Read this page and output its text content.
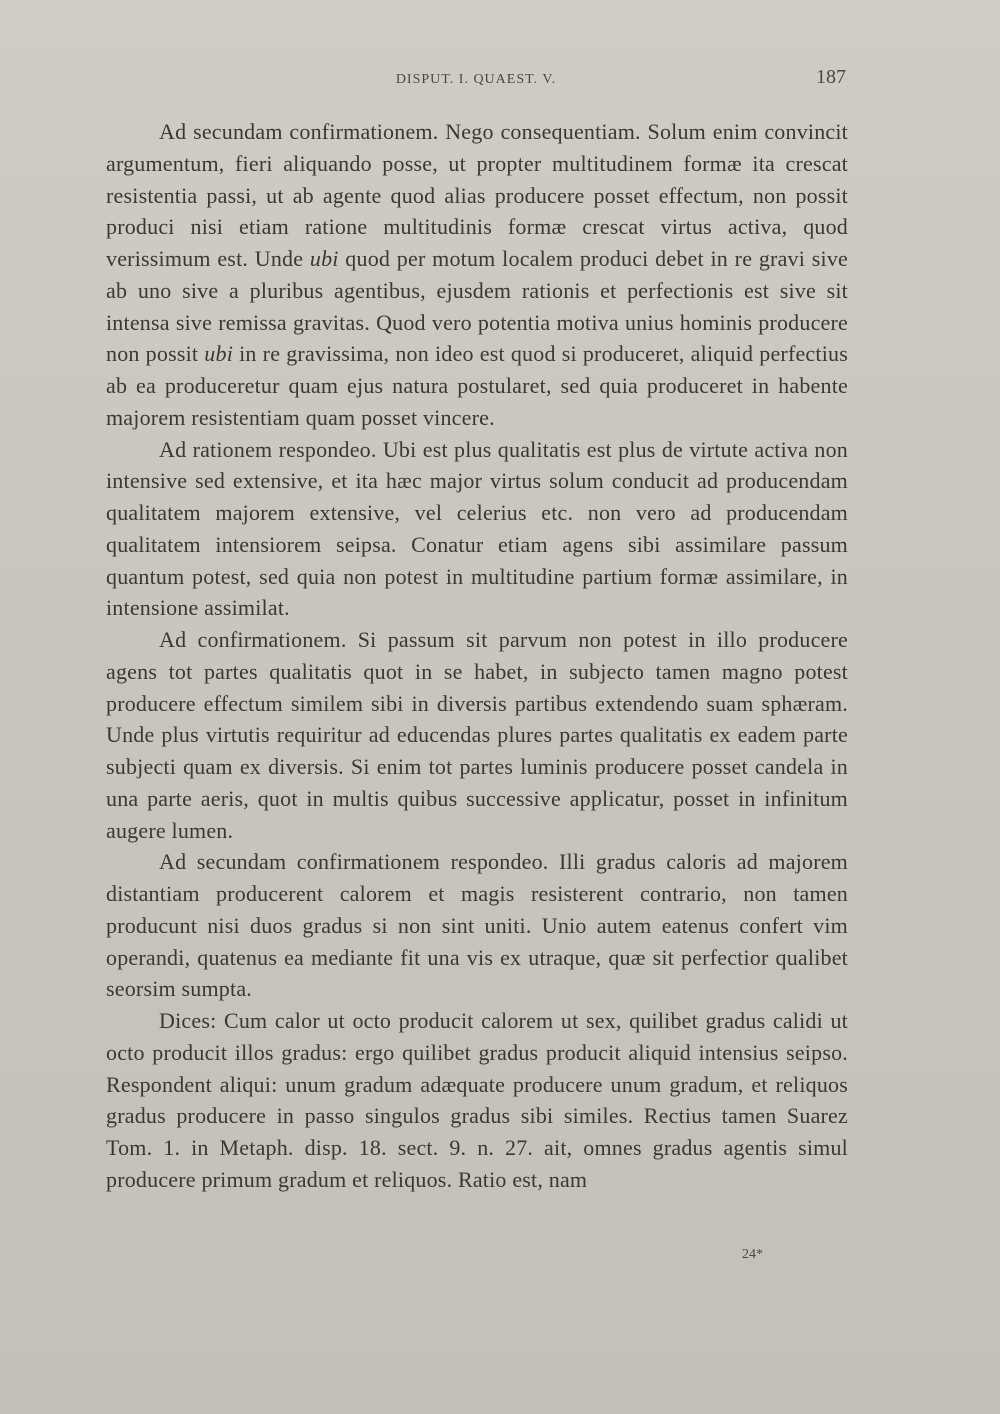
DISPUT. I. QUAEST. V.	187

Ad secundam confirmationem. Nego consequentiam. Solum enim convincit argumentum, fieri aliquando posse, ut propter multitudinem formæ ita crescat resistentia passi, ut ab agente quod alias producere posset effectum, non possit produci nisi etiam ratione multitudinis formæ crescat virtus activa, quod verissimum est. Unde ubi quod per motum localem produci debet in re gravi sive ab uno sive a pluribus agentibus, ejusdem rationis et perfectionis est sive sit intensa sive remissa gravitas. Quod vero potentia motiva unius hominis producere non possit ubi in re gravissima, non ideo est quod si produceret, aliquid perfectius ab ea produceretur quam ejus natura postularet, sed quia produceret in habente majorem resistentiam quam posset vincere.

Ad rationem respondeo. Ubi est plus qualitatis est plus de virtute activa non intensive sed extensive, et ita hæc major virtus solum conducit ad producendam qualitatem majorem extensive, vel celerius etc. non vero ad producendam qualitatem intensiorem seipsa. Conatur etiam agens sibi assimilare passum quantum potest, sed quia non potest in multitudine partium formæ assimilare, in intensione assimilat.

Ad confirmationem. Si passum sit parvum non potest in illo producere agens tot partes qualitatis quot in se habet, in subjecto tamen magno potest producere effectum similem sibi in diversis partibus extendendo suam sphæram. Unde plus virtutis requiritur ad educendas plures partes qualitatis ex eadem parte subjecti quam ex diversis. Si enim tot partes luminis producere posset candela in una parte aeris, quot in multis quibus successive applicatur, posset in infinitum augere lumen.

Ad secundam confirmationem respondeo. Illi gradus caloris ad majorem distantiam producerent calorem et magis resisterent contrario, non tamen producunt nisi duos gradus si non sint uniti. Unio autem eatenus confert vim operandi, quatenus ea mediante fit una vis ex utraque, quæ sit perfectior qualibet seorsim sumpta.

Dices: Cum calor ut octo producit calorem ut sex, quilibet gradus calidi ut octo producit illos gradus: ergo quilibet gradus producit aliquid intensius seipso. Respondent aliqui: unum gradum adæquate producere unum gradum, et reliquos gradus producere in passo singulos gradus sibi similes. Rectius tamen Suarez Tom. 1. in Metaph. disp. 18. sect. 9. n. 27. ait, omnes gradus agentis simul producere primum gradum et reliquos. Ratio est, nam

24*
